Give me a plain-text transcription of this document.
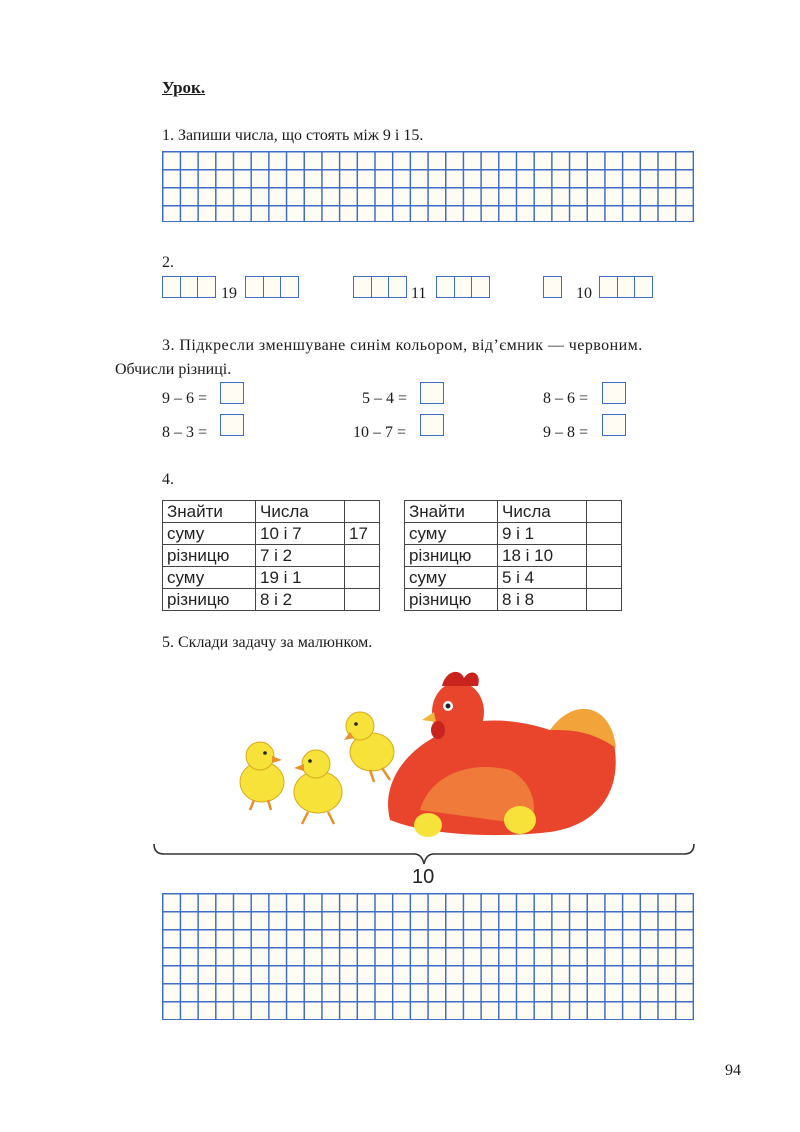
Урок.
1. Запиши числа, що стоять між 9 і 15.
2.
19	11	10
3. Підкресли зменшуване синім кольором, від’ємник — червоним.
Обчисли різниці.
9 – 6 =	5 – 4 =	8 – 6 =
8 – 3 =	10 – 7 =	9 – 8 =
4.
Знайти	Числа	
суму	10 і 7	17
різницю	7 і 2	
суму	19 і 1	
різницю	8 і 2	
Знайти	Числа	
суму	9 і 1	
різницю	18 і 10	
суму	5 і 4	
різницю	8 і 8	
5. Склади задачу за малюнком.
10
94
